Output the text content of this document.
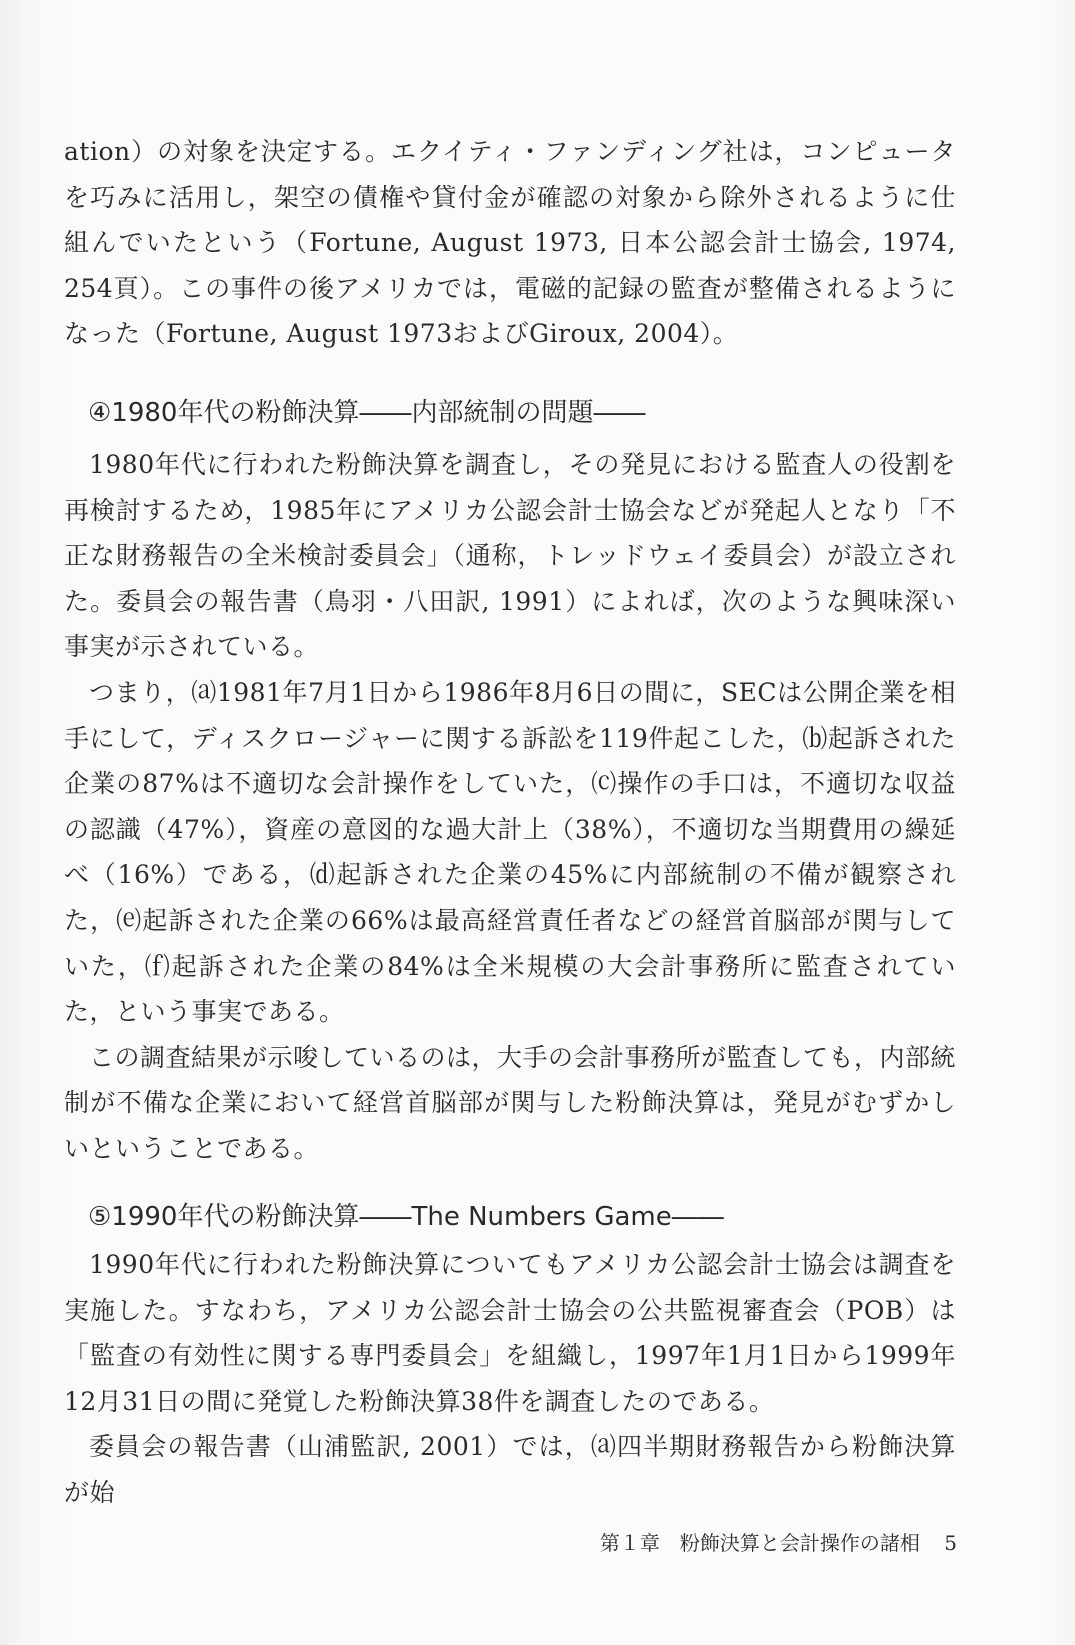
ation）の対象を決定する。エクイティ・ファンディング社は，コンピュータを巧みに活用し，架空の債権や貸付金が確認の対象から除外されるように仕組んでいたという（Fortune, August 1973, 日本公認会計士協会, 1974, 254頁）。この事件の後アメリカでは，電磁的記録の監査が整備されるようになった（Fortune, August 1973およびGiroux, 2004）。

④1980年代の粉飾決算――内部統制の問題――

1980年代に行われた粉飾決算を調査し，その発見における監査人の役割を再検討するため，1985年にアメリカ公認会計士協会などが発起人となり「不正な財務報告の全米検討委員会」（通称，トレッドウェイ委員会）が設立された。委員会の報告書（鳥羽・八田訳, 1991）によれば，次のような興味深い事実が示されている。

つまり，⒜1981年7月1日から1986年8月6日の間に，SECは公開企業を相手にして，ディスクロージャーに関する訴訟を119件起こした，⒝起訴された企業の87%は不適切な会計操作をしていた，⒞操作の手口は，不適切な収益の認識（47%），資産の意図的な過大計上（38%），不適切な当期費用の繰延べ（16%）である，⒟起訴された企業の45%に内部統制の不備が観察された，⒠起訴された企業の66%は最高経営責任者などの経営首脳部が関与していた，⒡起訴された企業の84%は全米規模の大会計事務所に監査されていた，という事実である。

この調査結果が示唆しているのは，大手の会計事務所が監査しても，内部統制が不備な企業において経営首脳部が関与した粉飾決算は，発見がむずかしいということである。

⑤1990年代の粉飾決算――The Numbers Game――

1990年代に行われた粉飾決算についてもアメリカ公認会計士協会は調査を実施した。すなわち，アメリカ公認会計士協会の公共監視審査会（POB）は「監査の有効性に関する専門委員会」を組織し，1997年1月1日から1999年12月31日の間に発覚した粉飾決算38件を調査したのである。

委員会の報告書（山浦監訳, 2001）では，⒜四半期財務報告から粉飾決算が始

第１章　粉飾決算と会計操作の諸相 5
